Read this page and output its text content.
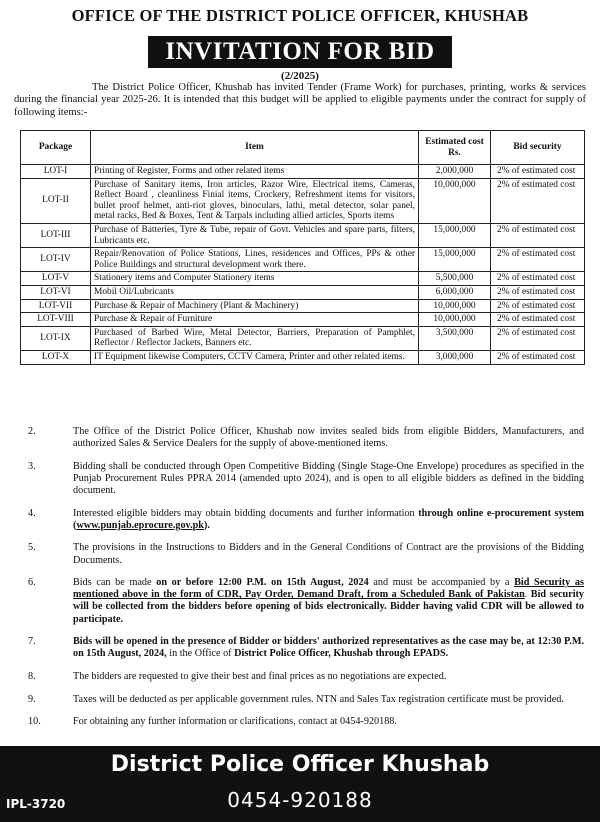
OFFICE OF THE DISTRICT POLICE OFFICER, KHUSHAB
INVITATION FOR BID
(2/2025)
The District Police Officer, Khushab has invited Tender (Frame Work) for purchases, printing, works & services during the financial year 2025-26. It is intended that this budget will be applied to eligible payments under the contract for supply of following items:-
Package	Item	Estimated cost Rs.	Bid security
LOT-I	Printing of Register, Forms and other related items	2,000,000	2% of estimated cost
LOT-II	Purchase of Sanitary items, Iron articles, Razor Wire, Electrical items, Cameras, Reflect Board , cleanliness Finial items, Crockery, Refreshment items for visitors, bullet proof helmet, anti-riot gloves, binoculars, lathi, metal detector, solar panel, metal racks, Bed & Boxes, Tent & Tarpals including allied articles, Sports items	10,000,000	2% of estimated cost
LOT-III	Purchase of Batteries, Tyre & Tube, repair of Govt. Vehicles and spare parts, filters, Lubricants etc.	15,000,000	2% of estimated cost
LOT-IV	Repair/Renovation of Police Stations, Lines, residences and Offices, PPs & other Police Buildings and structural development work there.	15,000,000	2% of estimated cost
LOT-V	Stationery items and Computer Stationery items	5,500,000	2% of estimated cost
LOT-VI	Mobil Oil/Lubricants	6,000,000	2% of estimated cost
LOT-VII	Purchase & Repair of Machinery (Plant & Machinery)	10,000,000	2% of estimated cost
LOT-VIII	Purchase & Repair of Furniture	10,000,000	2% of estimated cost
LOT-IX	Purchased of Barbed Wire, Metal Detector, Barriers, Preparation of Pamphlet, Reflector / Reflector Jackets, Banners etc.	3,500,000	2% of estimated cost
LOT-X	IT Equipment likewise Computers, CCTV Camera, Printer and other related items.	3,000,000	2% of estimated cost
2.	The Office of the District Police Officer, Khushab now invites sealed bids from eligible Bidders, Manufacturers, and authorized Sales & Service Dealers for the supply of above-mentioned items.
3.	Bidding shall be conducted through Open Competitive Bidding (Single Stage-One Envelope) procedures as specified in the Punjab Procurement Rules PPRA 2014 (amended upto 2024), and is open to all eligible bidders as defined in the bidding document.
4.	Interested eligible bidders may obtain bidding documents and further information through online e-procurement system (www.punjab.eprocure.gov.pk).
5.	The provisions in the Instructions to Bidders and in the General Conditions of Contract are the provisions of the Bidding Documents.
6.	Bids can be made on or before 12:00 P.M. on 15th August, 2024 and must be accompanied by a Bid Security as mentioned above in the form of CDR, Pay Order, Demand Draft, from a Scheduled Bank of Pakistan. Bid security will be collected from the bidders before opening of bids electronically. Bidder having valid CDR will be allowed to participate.
7.	Bids will be opened in the presence of Bidder or bidders' authorized representatives as the case may be, at 12:30 P.M. on 15th August, 2024, in the Office of District Police Officer, Khushab through EPADS.
8.	The bidders are requested to give their best and final prices as no negotiations are expected.
9.	Taxes will be deducted as per applicable government rules. NTN and Sales Tax registration certificate must be provided.
10.	For obtaining any further information or clarifications, contact at 0454-920188.
District Police Officer Khushab
0454-920188
IPL-3720
